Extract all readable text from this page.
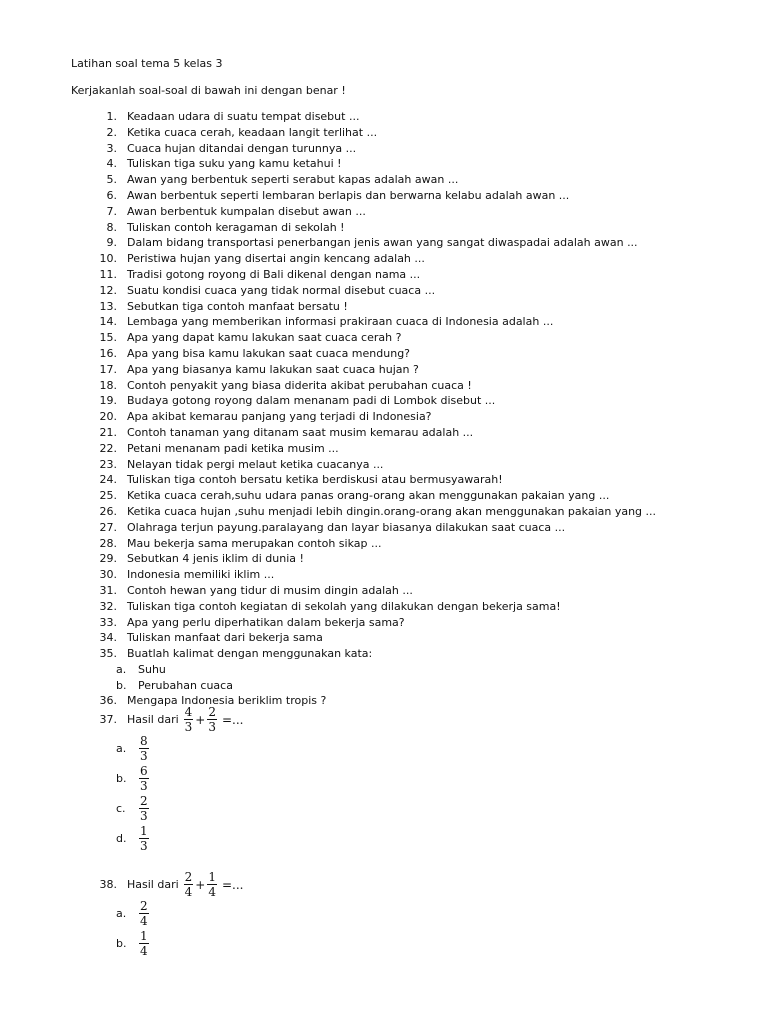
Latihan soal tema 5 kelas 3
Kerjakanlah soal-soal di bawah ini dengan benar !
1. Keadaan udara di suatu tempat disebut ...
2. Ketika cuaca cerah, keadaan langit terlihat ...
3. Cuaca hujan ditandai dengan turunnya ...
4. Tuliskan tiga suku yang kamu ketahui !
5. Awan yang berbentuk seperti serabut kapas adalah awan ...
6. Awan berbentuk seperti lembaran berlapis dan berwarna kelabu adalah awan ...
7. Awan berbentuk kumpalan disebut awan ...
8. Tuliskan contoh keragaman di sekolah !
9. Dalam bidang transportasi penerbangan jenis awan yang sangat diwaspadai adalah awan ...
10. Peristiwa hujan yang disertai angin kencang adalah ...
11. Tradisi gotong royong di Bali dikenal dengan nama ...
12. Suatu kondisi cuaca yang tidak normal disebut cuaca ...
13. Sebutkan tiga contoh manfaat bersatu !
14. Lembaga yang memberikan informasi prakiraan cuaca di Indonesia adalah ...
15. Apa yang dapat kamu lakukan saat cuaca cerah ?
16. Apa yang bisa kamu lakukan saat cuaca mendung?
17. Apa yang biasanya kamu lakukan saat cuaca hujan ?
18. Contoh penyakit yang biasa diderita akibat perubahan cuaca !
19. Budaya gotong royong dalam menanam padi di Lombok disebut ...
20. Apa akibat kemarau panjang yang terjadi di Indonesia?
21. Contoh tanaman yang ditanam saat musim kemarau adalah ...
22. Petani menanam padi ketika musim ...
23. Nelayan tidak pergi melaut ketika cuacanya ...
24. Tuliskan tiga contoh bersatu ketika berdiskusi atau bermusyawarah!
25. Ketika cuaca cerah,suhu udara panas orang-orang akan menggunakan pakaian yang ...
26. Ketika cuaca hujan ,suhu menjadi lebih dingin.orang-orang akan menggunakan pakaian yang ...
27. Olahraga terjun payung.paralayang dan layar biasanya dilakukan saat cuaca ...
28. Mau bekerja sama merupakan contoh sikap ...
29. Sebutkan 4 jenis iklim di dunia !
30. Indonesia memiliki iklim ...
31. Contoh hewan yang tidur di musim dingin adalah ...
32. Tuliskan tiga contoh kegiatan di sekolah yang dilakukan dengan bekerja sama!
33. Apa yang perlu diperhatikan dalam bekerja sama?
34. Tuliskan manfaat dari bekerja sama
35. Buatlah kalimat dengan menggunakan kata:
a.	Suhu
b.	Perubahan cuaca
36. Mengapa Indonesia beriklim tropis ?
37. Hasil dari $\frac{4}{3} + \frac{2}{3}$ =...
a.	$\frac{8}{3}$
b.	$\frac{6}{3}$
c.	$\frac{2}{3}$
d.	$\frac{1}{3}$
38. Hasil dari $\frac{2}{4} + \frac{1}{4}$ =...
a.	$\frac{2}{4}$
b.	$\frac{1}{4}$
